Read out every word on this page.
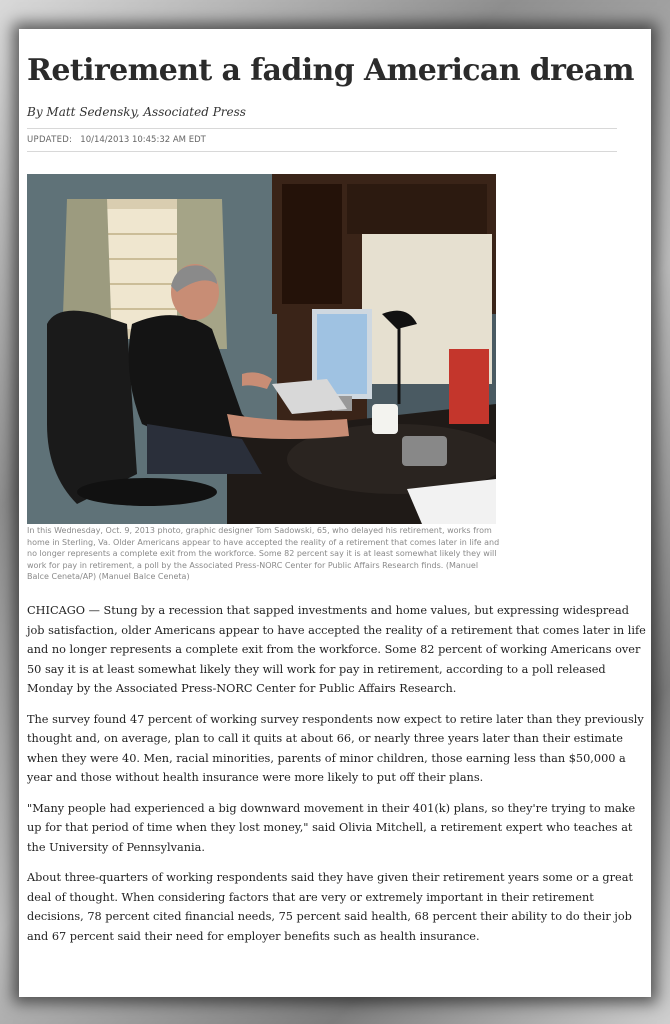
Retirement a fading American dream
By Matt Sedensky, Associated Press
UPDATED: 10/14/2013 10:45:32 AM EDT
In this Wednesday, Oct. 9, 2013 photo, graphic designer Tom Sadowski, 65, who delayed his retirement, works from home in Sterling, Va. Older Americans appear to have accepted the reality of a retirement that comes later in life and no longer represents a complete exit from the workforce. Some 82 percent say it is at least somewhat likely they will work for pay in retirement, a poll by the Associated Press-NORC Center for Public Affairs Research finds. (Manuel Balce Ceneta/AP) (Manuel Balce Ceneta)

CHICAGO — Stung by a recession that sapped investments and home values, but expressing widespread job satisfaction, older Americans appear to have accepted the reality of a retirement that comes later in life and no longer represents a complete exit from the workforce. Some 82 percent of working Americans over 50 say it is at least somewhat likely they will work for pay in retirement, according to a poll released Monday by the Associated Press-NORC Center for Public Affairs Research.

The survey found 47 percent of working survey respondents now expect to retire later than they previously thought and, on average, plan to call it quits at about 66, or nearly three years later than their estimate when they were 40. Men, racial minorities, parents of minor children, those earning less than $50,000 a year and those without health insurance were more likely to put off their plans.

"Many people had experienced a big downward movement in their 401(k) plans, so they're trying to make up for that period of time when they lost money," said Olivia Mitchell, a retirement expert who teaches at the University of Pennsylvania.

About three-quarters of working respondents said they have given their retirement years some or a great deal of thought. When considering factors that are very or extremely important in their retirement decisions, 78 percent cited financial needs, 75 percent said health, 68 percent their ability to do their job and 67 percent said their need for employer benefits such as health insurance.
